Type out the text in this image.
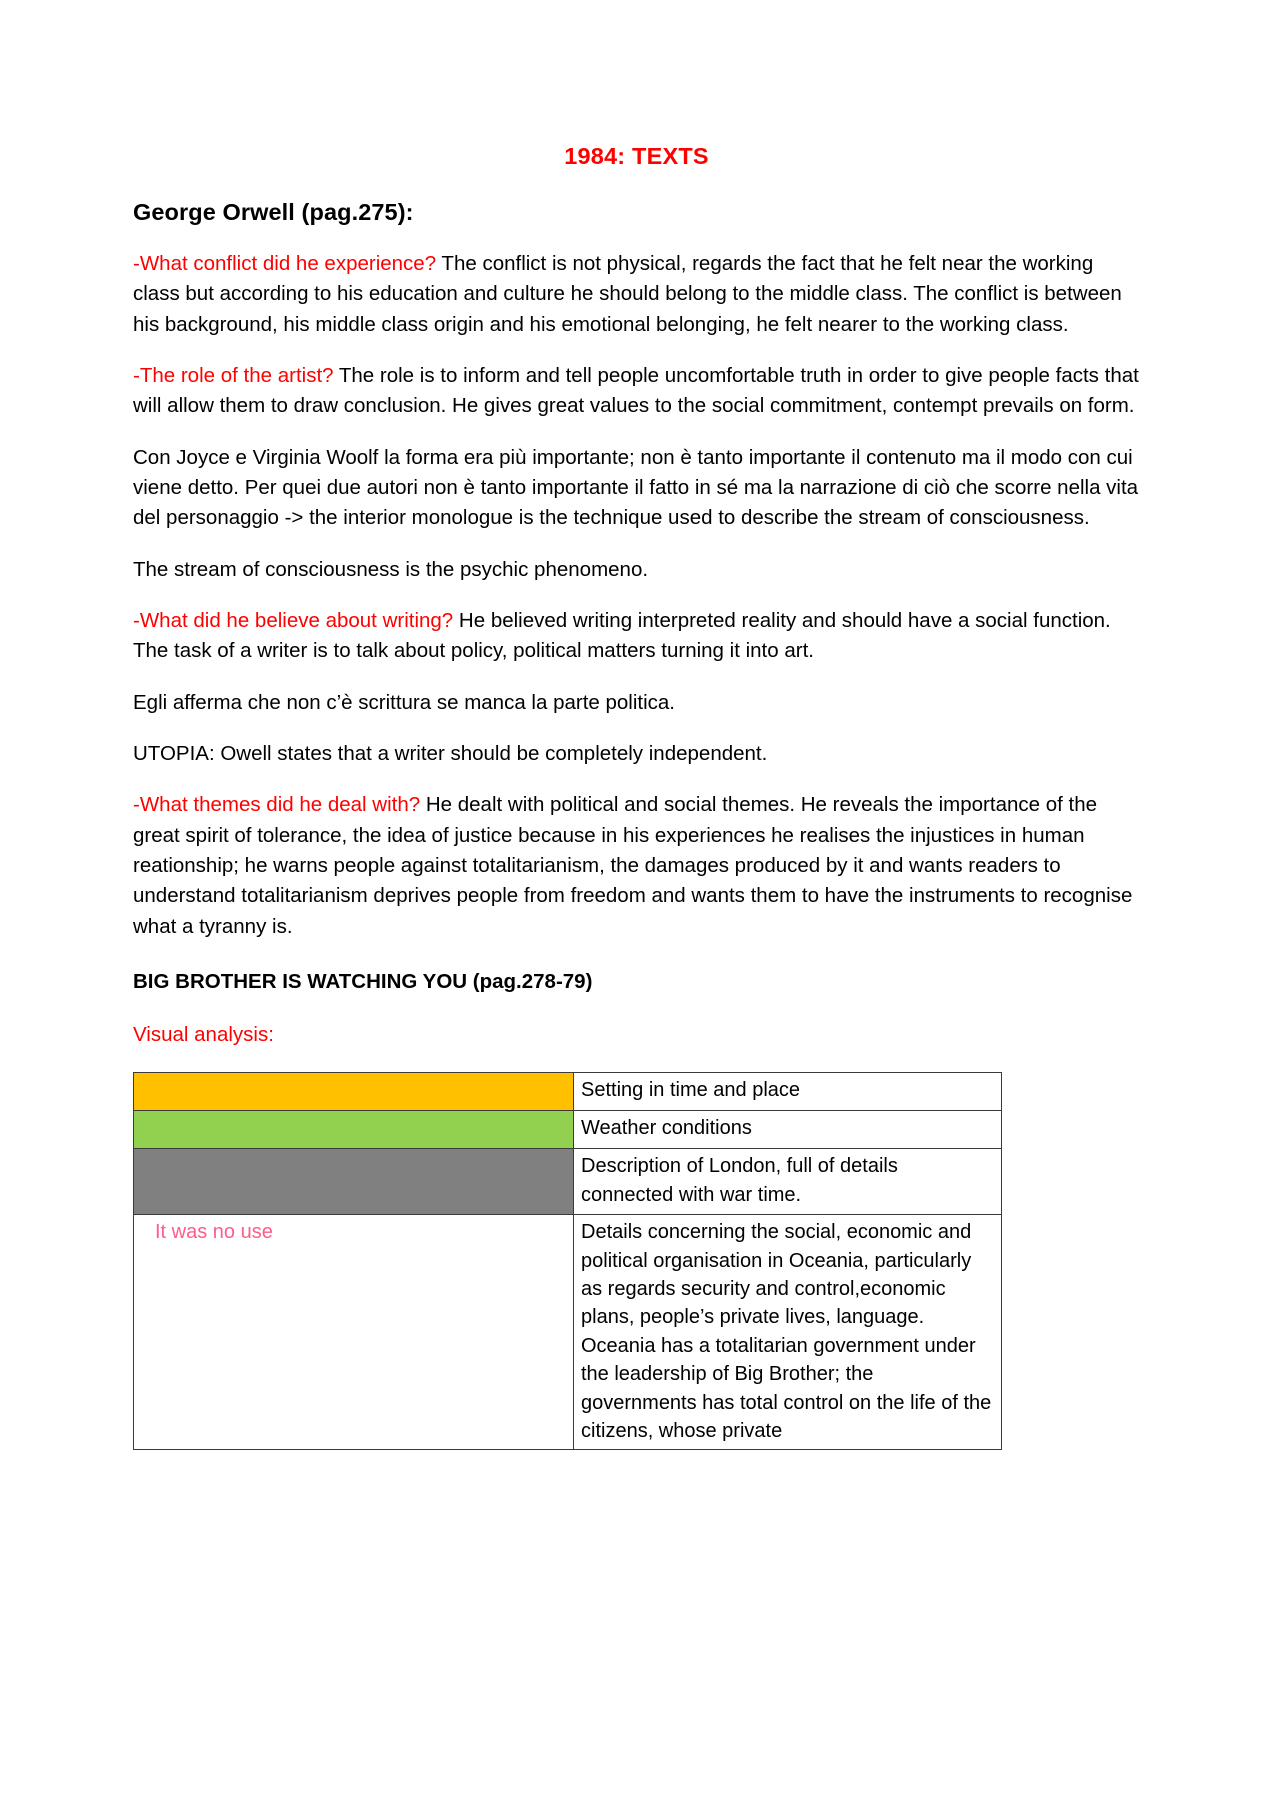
1984: TEXTS
George Orwell (pag.275):

-What conflict did he experience? The conflict is not physical, regards the fact that he felt near the working class but according to his education and culture he should belong to the middle class. The conflict is between his background, his middle class origin and his emotional belonging, he felt nearer to the working class.

-The role of the artist? The role is to inform and tell people uncomfortable truth in order to give people facts that will allow them to draw conclusion. He gives great values to the social commitment, contempt prevails on form.

Con Joyce e Virginia Woolf la forma era più importante; non è tanto importante il contenuto ma il modo con cui viene detto. Per quei due autori non è tanto importante il fatto in sé ma la narrazione di ciò che scorre nella vita del personaggio -> the interior monologue is the technique used to describe the stream of consciousness.

The stream of consciousness is the psychic phenomeno.

-What did he believe about writing? He believed writing interpreted reality and should have a social function. The task of a writer is to talk about policy, political matters turning it into art.

Egli afferma che non c’è scrittura se manca la parte politica.

UTOPIA: Owell states that a writer should be completely independent.

-What themes did he deal with? He dealt with political and social themes. He reveals the importance of the great spirit of tolerance, the idea of justice because in his experiences he realises the injustices in human reationship; he warns people against totalitarianism, the damages produced by it and wants readers to understand totalitarianism deprives people from freedom and wants them to have the instruments to recognise what a tyranny is.

BIG BROTHER IS WATCHING YOU (pag.278-79)

Visual analysis:

	Setting in time and place
	Weather conditions
	Description of London, full of details connected with war time.

It was no use	Details concerning the social, economic and political organisation in Oceania, particularly as regards security and control,economic plans, people’s private lives, language. Oceania has a totalitarian government under the leadership of Big Brother; the governments has total control on the life of the citizens, whose private
